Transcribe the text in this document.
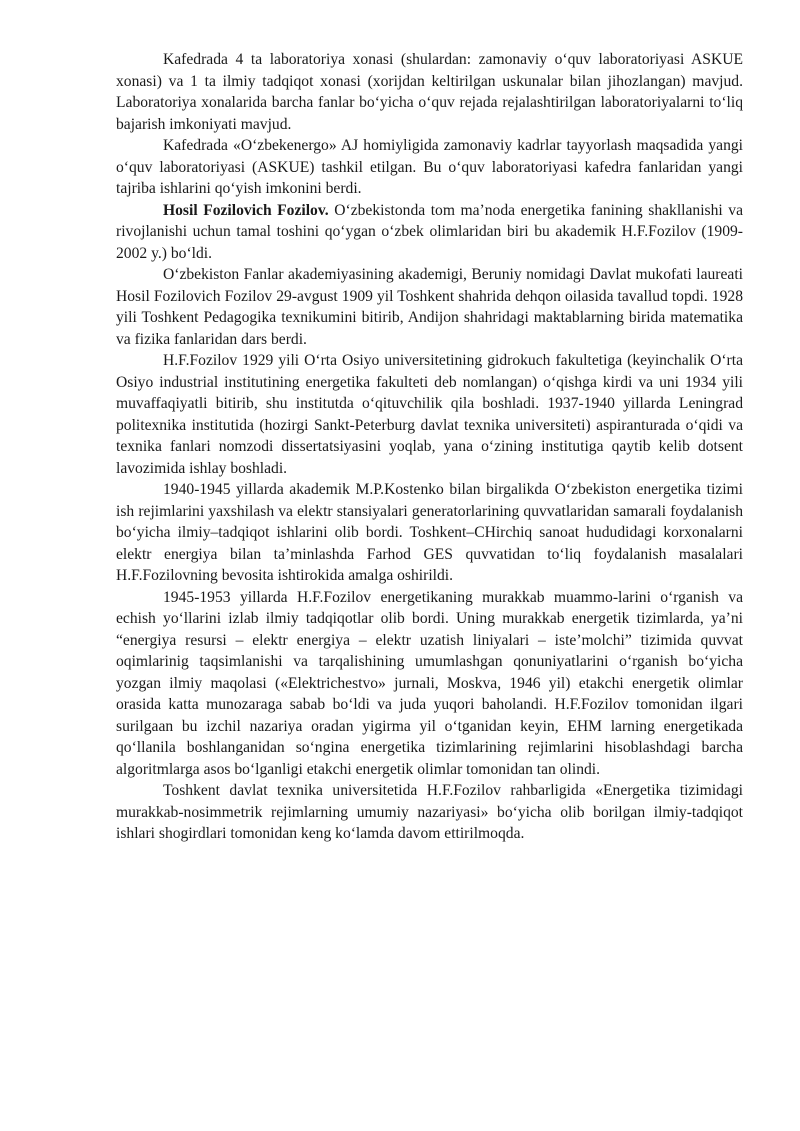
Kafedrada 4 ta laboratoriya xonasi (shulardan: zamonaviy o‘quv laboratoriyasi ASKUE xonasi) va 1 ta ilmiy tadqiqot xonasi (xorijdan keltirilgan uskunalar bilan jihozlangan) mavjud. Laboratoriya xonalarida barcha fanlar bo‘yicha o‘quv rejada rejalashtirilgan laboratoriyalarni to‘liq bajarish imkoniyati mavjud.

Kafedrada «O‘zbekenergo» AJ homiyligida zamonaviy kadrlar tayyorlash maqsadida yangi o‘quv laboratoriyasi (ASKUE) tashkil etilgan. Bu o‘quv laboratoriyasi kafedra fanlaridan yangi tajriba ishlarini qo‘yish imkonini berdi.

Hosil Fozilovich Fozilov. O‘zbekistonda tom ma’noda energetika fanining shakllanishi va rivojlanishi uchun tamal toshini qo‘ygan o‘zbek olimlaridan biri bu akademik H.F.Fozilov (1909-2002 y.) bo‘ldi.

O‘zbekiston Fanlar akademiyasining akademigi, Beruniy nomidagi Davlat mukofati laureati Hosil Fozilovich Fozilov 29-avgust 1909 yil Toshkent shahrida dehqon oilasida tavallud topdi. 1928 yili Toshkent Pedagogika texnikumini bitirib, Andijon shahridagi maktablarning birida matematika va fizika fanlaridan dars berdi.

H.F.Fozilov 1929 yili O‘rta Osiyo universitetining gidrokuch fakultetiga (keyinchalik O‘rta Osiyo industrial institutining energetika fakulteti deb nomlangan) o‘qishga kirdi va uni 1934 yili muvaffaqiyatli bitirib, shu institutda o‘qituvchilik qila boshladi. 1937-1940 yillarda Leningrad politexnika institutida (hozirgi Sankt-Peterburg davlat texnika universiteti) aspiranturada o‘qidi va texnika fanlari nomzodi dissertatsiyasini yoqlab, yana o‘zining institutiga qaytib kelib dotsent lavozimida ishlay boshladi.

1940-1945 yillarda akademik M.P.Kostenko bilan birgalikda O‘zbekiston energetika tizimi ish rejimlarini yaxshilash va elektr stansiyalari generatorlarining quvvatlaridan samarali foydalanish bo‘yicha ilmiy–tadqiqot ishlarini olib bordi. Toshkent–CHirchiq sanoat hududidagi korxonalarni elektr energiya bilan ta’minlashda Farhod GES quvvatidan to‘liq foydalanish masalalari H.F.Fozilovning bevosita ishtirokida amalga oshirildi.

1945-1953 yillarda H.F.Fozilov energetikaning murakkab muammo-larini o‘rganish va echish yo‘llarini izlab ilmiy tadqiqotlar olib bordi. Uning murakkab energetik tizimlarda, ya’ni “energiya resursi – elektr energiya – elektr uzatish liniyalari – iste’molchi” tizimida quvvat oqimlarinig taqsimlanishi va tarqalishining umumlashgan qonuniyatlarini o‘rganish bo‘yicha yozgan ilmiy maqolasi («Elektrichestvo» jurnali, Moskva, 1946 yil) etakchi energetik olimlar orasida katta munozaraga sabab bo‘ldi va juda yuqori baholandi. H.F.Fozilov tomonidan ilgari surilgaan bu izchil nazariya oradan yigirma yil o‘tganidan keyin, EHM larning energetikada qo‘llanila boshlanganidan so‘ngina energetika tizimlarining rejimlarini hisoblashdagi barcha algoritmlarga asos bo‘lganligi etakchi energetik olimlar tomonidan tan olindi.

Toshkent davlat texnika universitetida H.F.Fozilov rahbarligida «Energetika tizimidagi murakkab-nosimmetrik rejimlarning umumiy nazariyasi» bo‘yicha olib borilgan ilmiy-tadqiqot ishlari shogirdlari tomonidan keng ko‘lamda davom ettirilmoqda.
